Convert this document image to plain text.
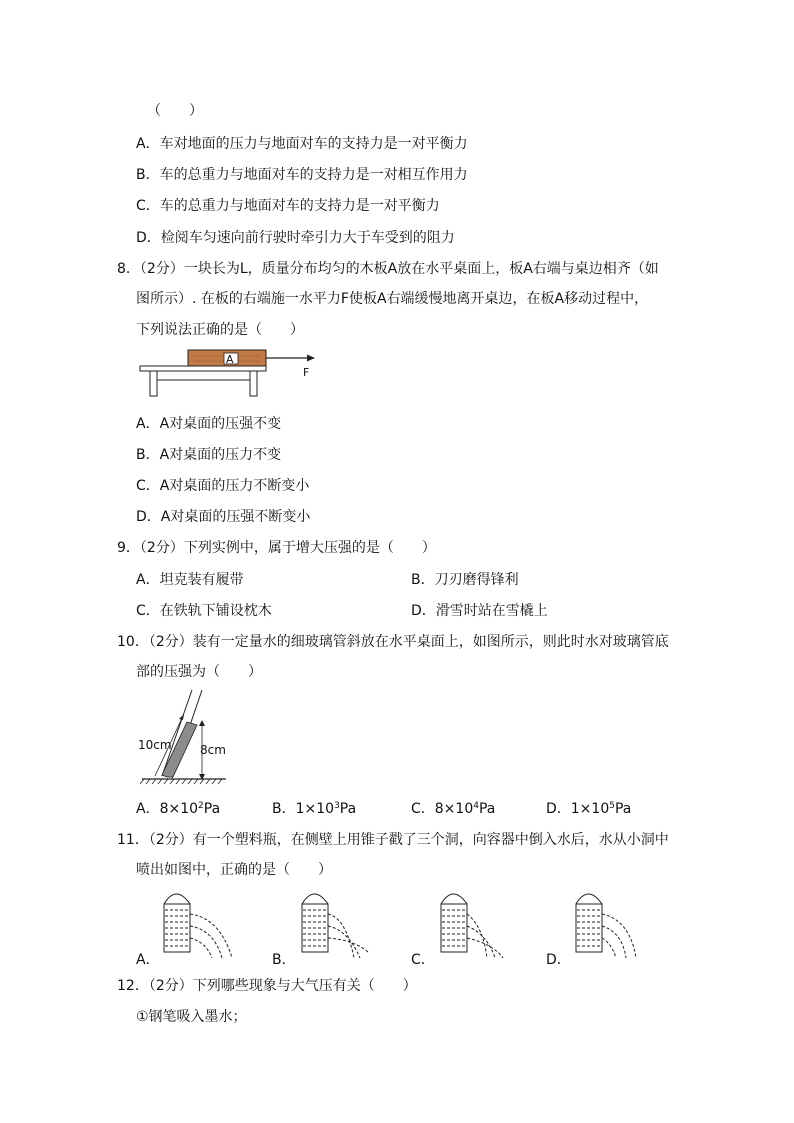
（　　）
A．车对地面的压力与地面对车的支持力是一对平衡力
B．车的总重力与地面对车的支持力是一对相互作用力
C．车的总重力与地面对车的支持力是一对平衡力
D．检阅车匀速向前行驶时牵引力大于车受到的阻力
8．（2分）一块长为L，质量分布均匀的木板A放在水平桌面上，板A右端与桌边相齐（如
图所示）. 在板的右端施一水平力F使板A右端缓慢地离开桌边，在板A移动过程中，
下列说法正确的是（　　）
A
F
A．A对桌面的压强不变
B．A对桌面的压力不变
C．A对桌面的压力不断变小
D．A对桌面的压强不断变小
9．（2分）下列实例中，属于增大压强的是（　　）
A．坦克装有履带	B．刀刃磨得锋利
C．在铁轨下铺设枕木	D．滑雪时站在雪橇上
10．（2分）装有一定量水的细玻璃管斜放在水平桌面上，如图所示，则此时水对玻璃管底
部的压强为（　　）
10cm 8cm
A．$8\times 10^2Pa$	B．$1\times 10^3Pa$	C．$8\times 10^4Pa$	D．$1\times 10^5Pa$
11．（2分）有一个塑料瓶，在侧壁上用锥子戳了三个洞，向容器中倒入水后，水从小洞中
喷出如图中，正确的是（　　）
A．	B．	C．	D．
12．（2分）下列哪些现象与大气压有关（　　）
①钢笔吸入墨水；
